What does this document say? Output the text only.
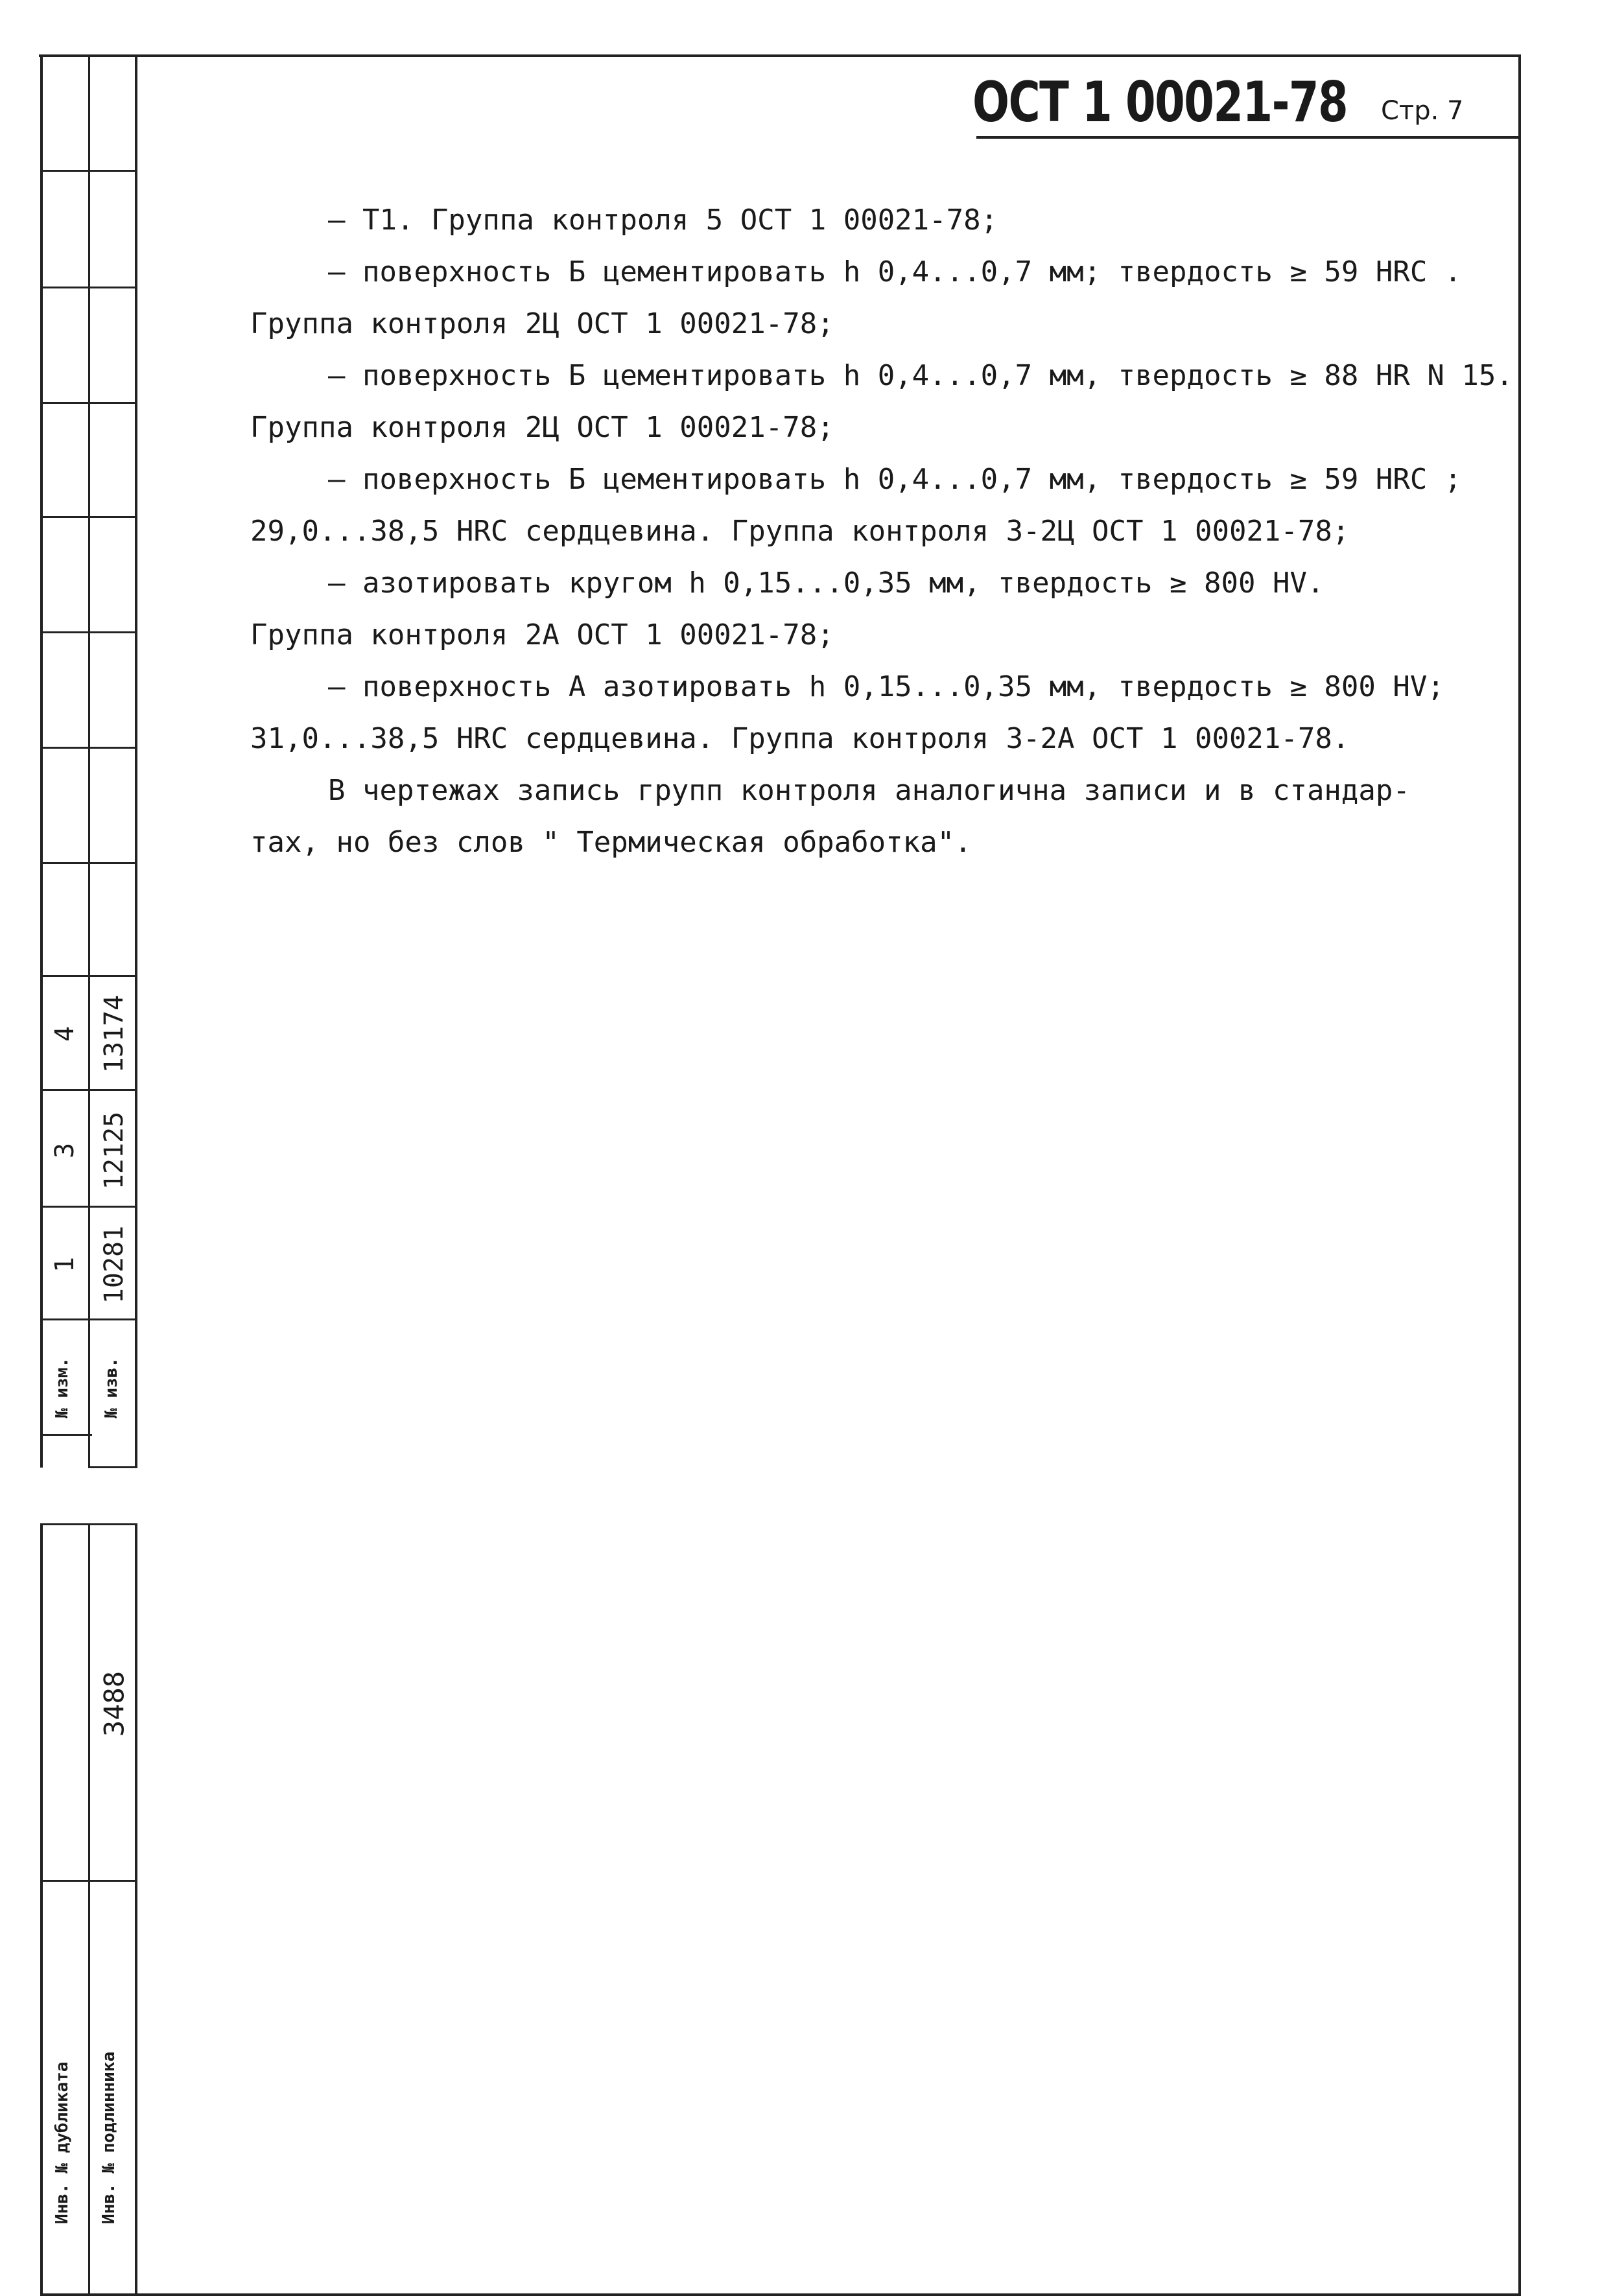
№ изм. № изв.
1 10281
3 12125
4 13174
3488
Инв. № дубликата Инв. № подлинника
ОСТ 1 00021-78 Стр. 7
– Т1. Группа контроля 5 ОСТ 1 00021-78;
– поверхность Б цементировать h 0,4...0,7 мм; твердость ≥ 59 HRC .
Группа контроля 2Ц ОСТ 1 00021-78;
– поверхность Б цементировать h 0,4...0,7 мм, твердость ≥ 88 HR N 15.
Группа контроля 2Ц ОСТ 1 00021-78;
– поверхность Б цементировать h 0,4...0,7 мм, твердость ≥ 59 HRC ;
29,0...38,5 HRC сердцевина. Группа контроля 3-2Ц ОСТ 1 00021-78;
– азотировать кругом h 0,15...0,35 мм, твердость ≥ 800 HV.
Группа контроля 2А ОСТ 1 00021-78;
– поверхность А азотировать h 0,15...0,35 мм, твердость ≥ 800 HV;
31,0...38,5 HRC сердцевина. Группа контроля 3-2А ОСТ 1 00021-78.
В чертежах запись групп контроля аналогична записи и в стандар-
тах, но без слов " Термическая обработка".
